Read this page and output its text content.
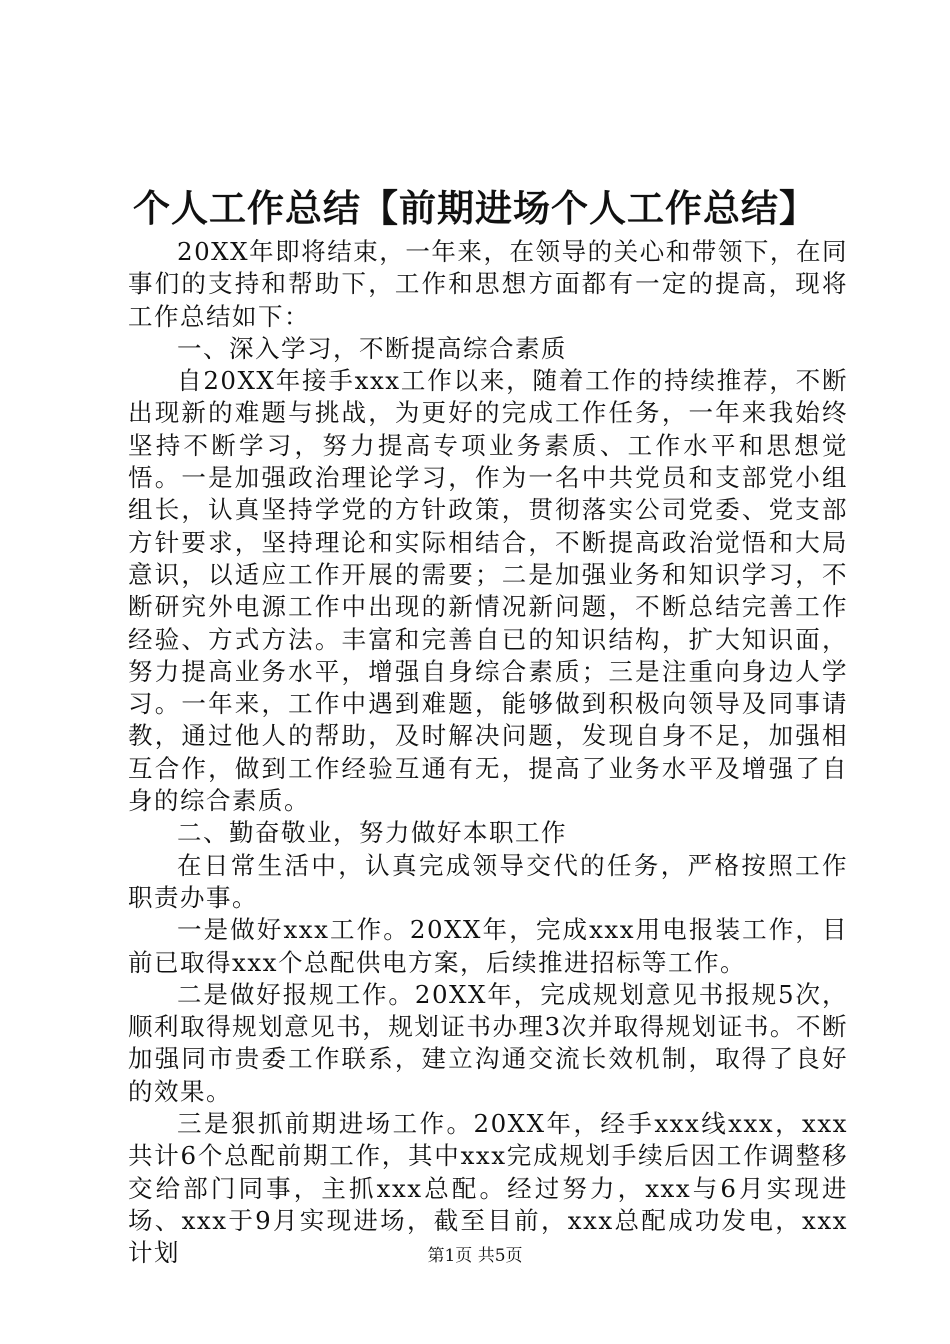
个人工作总结【前期进场个人工作总结】

20XX年即将结束，一年来，在领导的关心和带领下，在同事们的支持和帮助下，工作和思想方面都有一定的提高，现将工作总结如下：

一、深入学习，不断提高综合素质

自20XX年接手xxx工作以来，随着工作的持续推荐，不断出现新的难题与挑战，为更好的完成工作任务，一年来我始终坚持不断学习，努力提高专项业务素质、工作水平和思想觉悟。一是加强政治理论学习，作为一名中共党员和支部党小组组长，认真坚持学党的方针政策，贯彻落实公司党委、党支部方针要求，坚持理论和实际相结合，不断提高政治觉悟和大局意识，以适应工作开展的需要；二是加强业务和知识学习，不断研究外电源工作中出现的新情况新问题，不断总结完善工作经验、方式方法。丰富和完善自已的知识结构，扩大知识面，努力提高业务水平，增强自身综合素质；三是注重向身边人学习。一年来，工作中遇到难题，能够做到积极向领导及同事请教，通过他人的帮助，及时解决问题，发现自身不足，加强相互合作，做到工作经验互通有无，提高了业务水平及增强了自身的综合素质。

二、勤奋敬业，努力做好本职工作

在日常生活中，认真完成领导交代的任务，严格按照工作职责办事。

一是做好xxx工作。20XX年，完成xxx用电报装工作，目前已取得xxx个总配供电方案，后续推进招标等工作。

二是做好报规工作。20XX年，完成规划意见书报规5次，顺利取得规划意见书，规划证书办理3次并取得规划证书。不断加强同市贵委工作联系，建立沟通交流长效机制，取得了良好的效果。

三是狠抓前期进场工作。20XX年，经手xxx线xxx，xxx共计6个总配前期工作，其中xxx完成规划手续后因工作调整移交给部门同事，主抓xxx总配。经过努力，xxx与6月实现进场、xxx于9月实现进场，截至目前，xxx总配成功发电，xxx计划	第1页 共5页
